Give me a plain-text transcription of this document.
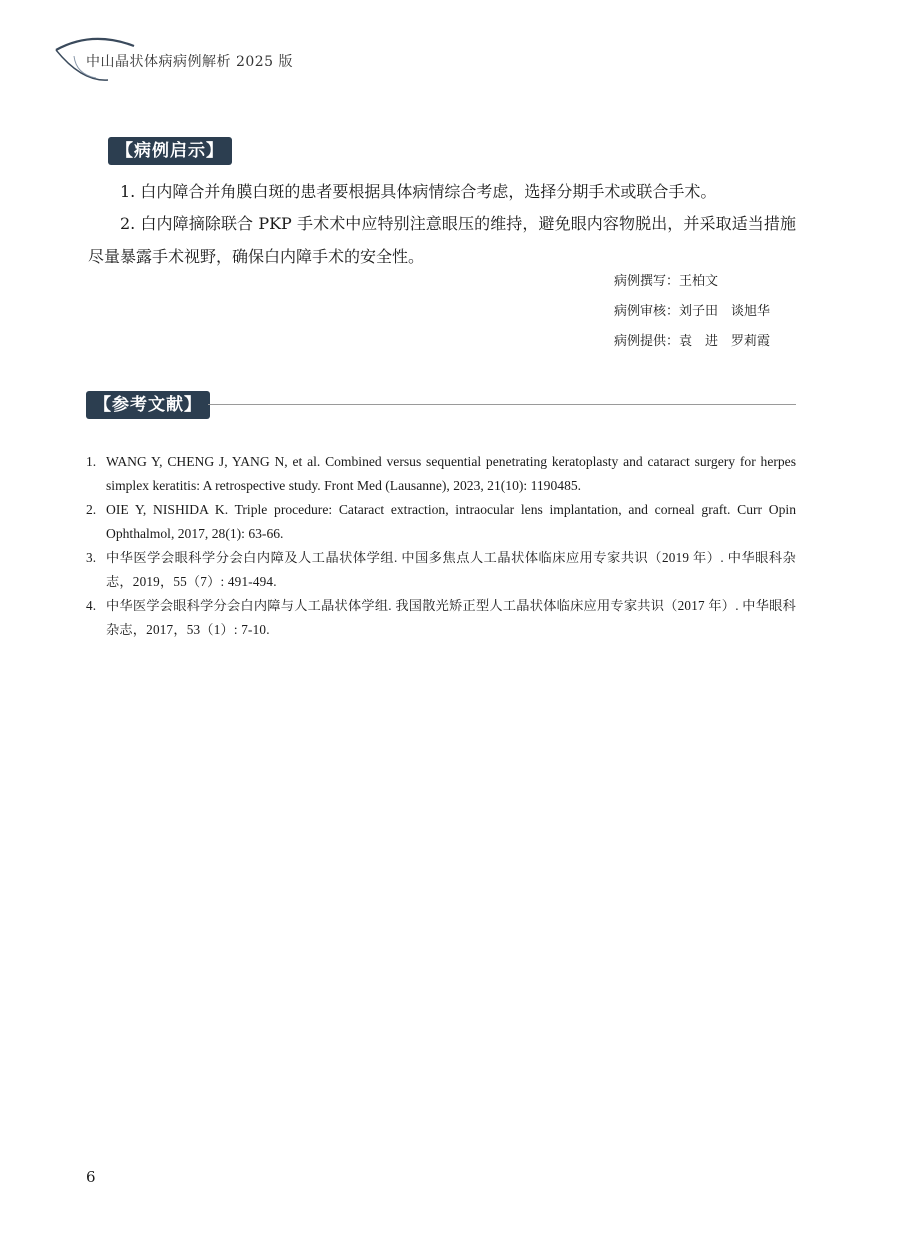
中山晶状体病病例解析 2025 版
【病例启示】

1. 白内障合并角膜白斑的患者要根据具体病情综合考虑，选择分期手术或联合手术。

2. 白内障摘除联合 PKP 手术术中应特别注意眼压的维持，避免眼内容物脱出，并采取适当措施尽量暴露手术视野，确保白内障手术的安全性。

病例撰写：王柏文
病例审核：刘子田　谈旭华
病例提供：袁　进　罗莉霞
【参考文献】
1. WANG Y, CHENG J, YANG N, et al. Combined versus sequential penetrating keratoplasty and cataract surgery for herpes simplex keratitis: A retrospective study. Front Med (Lausanne), 2023, 21(10): 1190485.
2. OIE Y, NISHIDA K. Triple procedure: Cataract extraction, intraocular lens implantation, and corneal graft. Curr Opin Ophthalmol, 2017, 28(1): 63-66.
3. 中华医学会眼科学分会白内障及人工晶状体学组. 中国多焦点人工晶状体临床应用专家共识（2019 年）. 中华眼科杂志，2019，55（7）: 491-494.
4. 中华医学会眼科学分会白内障与人工晶状体学组. 我国散光矫正型人工晶状体临床应用专家共识（2017 年）. 中华眼科杂志，2017，53（1）: 7-10.
6
